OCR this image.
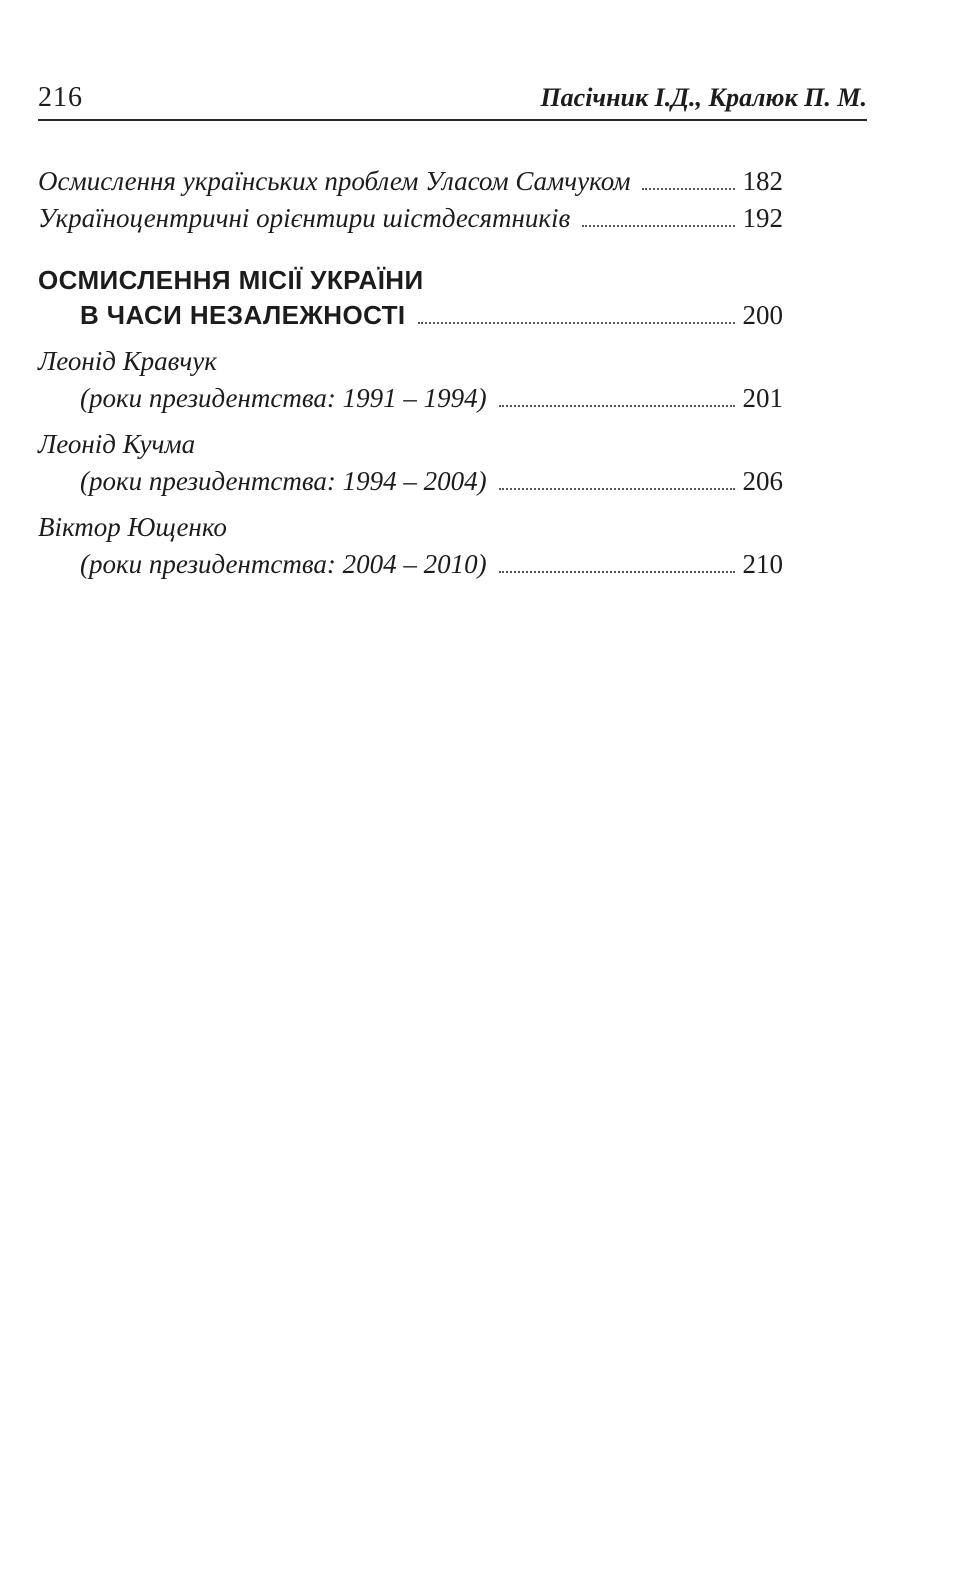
216	Пасічник І.Д., Кралюк П. М.
Осмислення українських проблем Уласом Самчуком	182
Україноцентричні орієнтири шістдесятників	192
ОСМИСЛЕННЯ МІСІЇ УКРАЇНИ
В ЧАСИ НЕЗАЛЕЖНОСТІ	200
Леонід Кравчук
(роки президентства: 1991 – 1994)	201
Леонід Кучма
(роки президентства: 1994 – 2004)	206
Віктор Ющенко
(роки президентства: 2004 – 2010)	210
